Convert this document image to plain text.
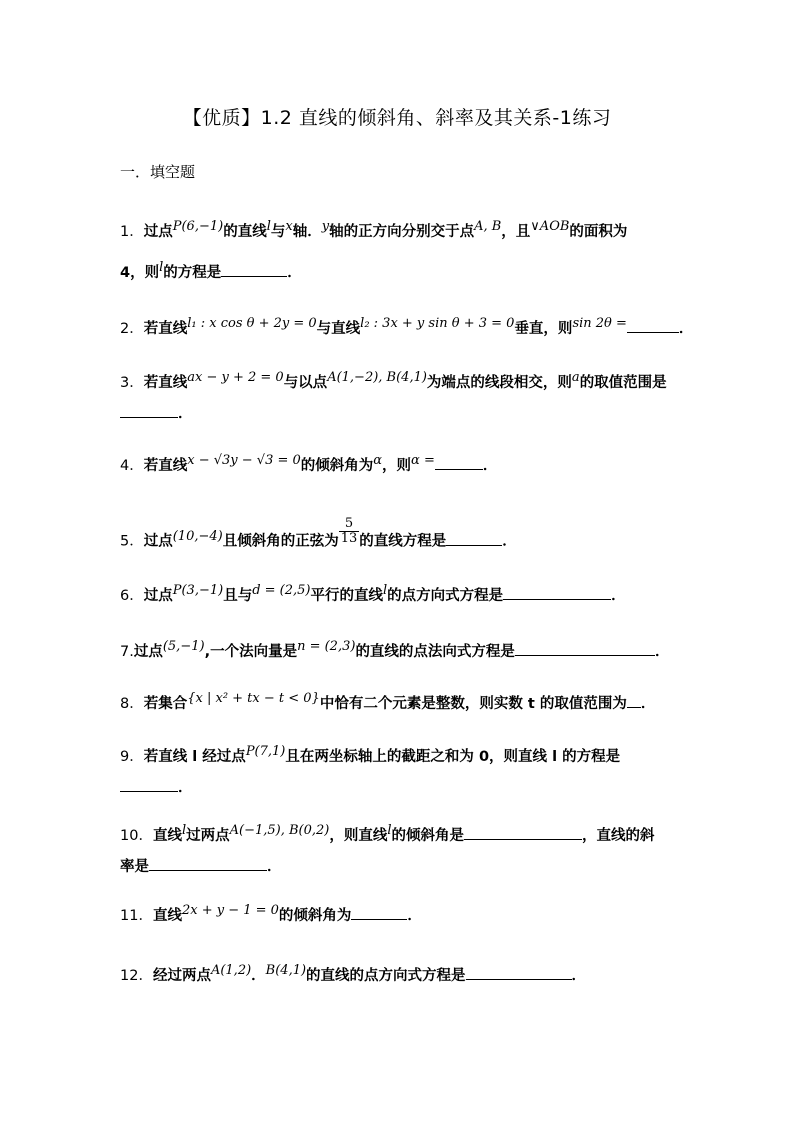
【优质】1.2 直线的倾斜角、斜率及其关系-1练习
一．填空题
1．过点P(6,−1)的直线l与x轴．y轴的正方向分别交于点A, B，且∨AOB的面积为
4，则l的方程是	．
2．若直线l₁ : x cos θ + 2y = 0与直线l₂ : 3x + y sin θ + 3 = 0垂直，则sin 2θ =	．
3．若直线ax − y + 2 = 0与以点A(1,−2), B(4,1)为端点的线段相交，则a的取值范围是
．
4．若直线x − √3y − √3 = 0的倾斜角为α，则α =	．
5．过点(10,−4)且倾斜角的正弦为 $\frac{5}{13}$ 的直线方程是	．
6．过点P(3,−1)且与d = (2,5)平行的直线l的点方向式方程是	．
7.过点(5,−1),一个法向量是n = (2,3)的直线的点法向式方程是	．
8．若集合{x | x² + tx − t < 0}中恰有二个元素是整数，则实数 t 的取值范围为 ．
9．若直线 l 经过点P(7,1)且在两坐标轴上的截距之和为 0，则直线 l 的方程是
．
10．直线l过两点A(−1,5), B(0,2)，则直线l的倾斜角是	，直线的斜
率是	．
11．直线2x + y − 1 = 0的倾斜角为	．
12．经过两点A(1,2)．B(4,1)的直线的点方向式方程是	．
